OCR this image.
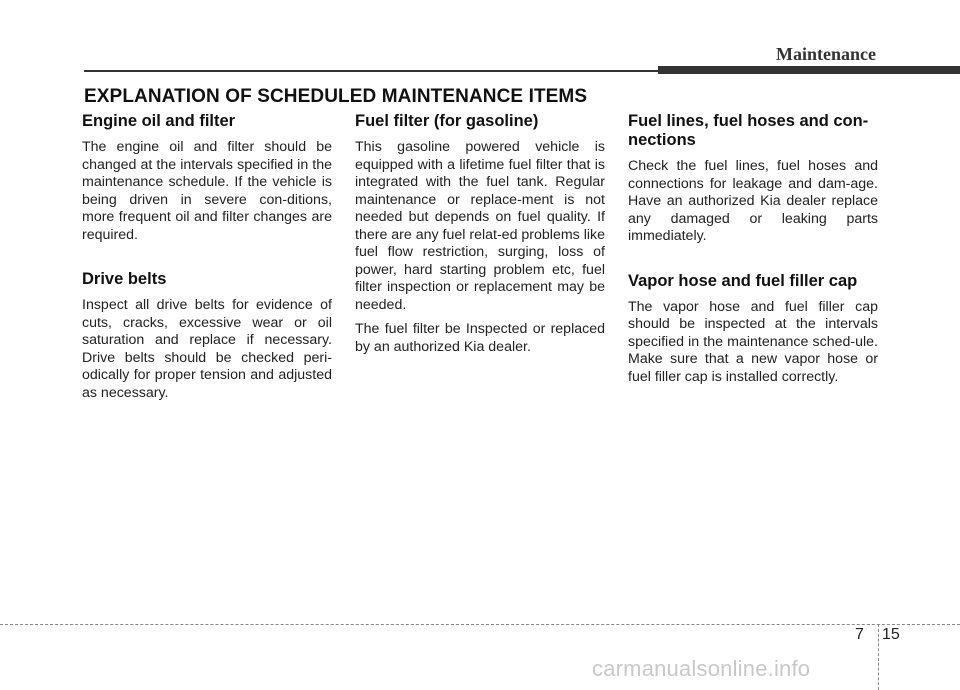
Maintenance
EXPLANATION OF SCHEDULED MAINTENANCE ITEMS
Engine oil and filter

The engine oil and filter should be changed at the intervals specified in the maintenance schedule. If the vehicle is being driven in severe con-ditions, more frequent oil and filter changes are required.

Drive belts

Inspect all drive belts for evidence of cuts, cracks, excessive wear or oil saturation and replace if necessary. Drive belts should be checked peri-odically for proper tension and adjusted as necessary.

Fuel filter (for gasoline)

This gasoline powered vehicle is equipped with a lifetime fuel filter that is integrated with the fuel tank. Regular maintenance or replace-ment is not needed but depends on fuel quality. If there are any fuel relat-ed problems like fuel flow restriction, surging, loss of power, hard starting problem etc, fuel filter inspection or replacement may be needed.

The fuel filter be Inspected or replaced by an authorized Kia dealer.

Fuel lines, fuel hoses and con-nections

Check the fuel lines, fuel hoses and connections for leakage and dam-age. Have an authorized Kia dealer replace any damaged or leaking parts immediately.

Vapor hose and fuel filler cap

The vapor hose and fuel filler cap should be inspected at the intervals specified in the maintenance sched-ule. Make sure that a new vapor hose or fuel filler cap is installed correctly.

7 15
carmanualsonline.info
